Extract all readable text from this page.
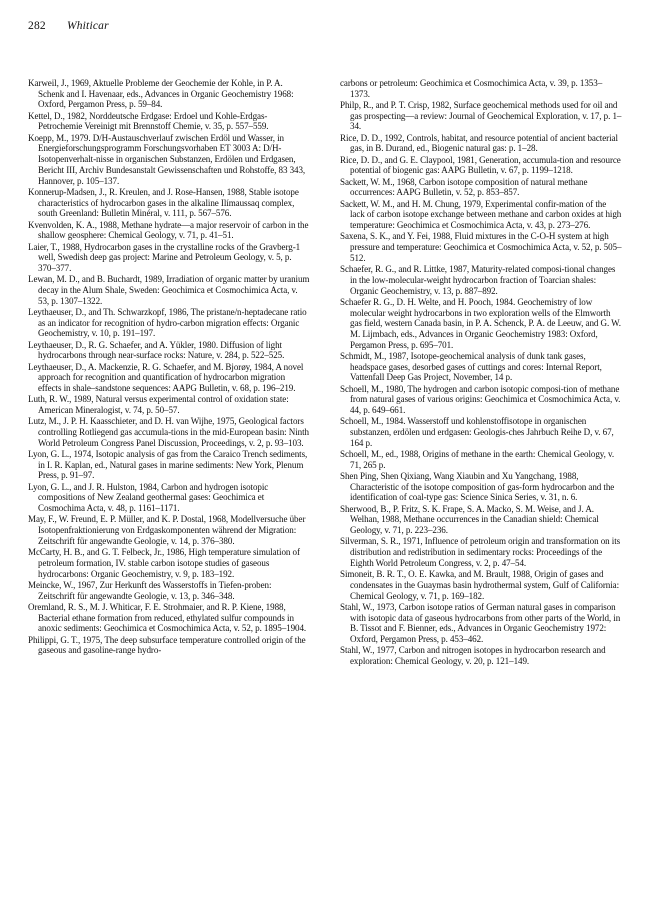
282 Whiticar

Karweil, J., 1969, Aktuelle Probleme der Geochemie der Kohle, in P. A. Schenk and I. Havenaar, eds., Advances in Organic Geochemistry 1968: Oxford, Pergamon Press, p. 59–84.

Kettel, D., 1982, Norddeutsche Erdgase: Erdoel und Kohle-Erdgas-Petrochemie Vereinigt mit Brennstoff Chemie, v. 35, p. 557–559.

Koepp, M., 1979. D/H-Austauschverlauf zwischen Erdöl und Wasser, in Energieforschungsprogramm Forschungsvorhaben ET 3003 A: D/H-Isotopenverhalt-nisse in organischen Substanzen, Erdölen und Erdgasen, Bericht III, Archiv Bundesanstalt Gewissenschaften und Rohstoffe, 83 343, Hannover, p. 105–137.

Konnerup-Madsen, J., R. Kreulen, and J. Rose-Hansen, 1988, Stable isotope characteristics of hydrocarbon gases in the alkaline Ilímaussaq complex, south Greenland: Bulletin Minéral, v. 111, p. 567–576.

Kvenvolden, K. A., 1988, Methane hydrate—a major reservoir of carbon in the shallow geosphere: Chemical Geology, v. 71, p. 41–51.

Laier, T., 1988, Hydrocarbon gases in the crystalline rocks of the Gravberg-1 well, Swedish deep gas project: Marine and Petroleum Geology, v. 5, p. 370–377.

Lewan, M. D., and B. Buchardt, 1989, Irradiation of organic matter by uranium decay in the Alum Shale, Sweden: Geochimica et Cosmochimica Acta, v. 53, p. 1307–1322.

Leythaeuser, D., and Th. Schwarzkopf, 1986, The pristane/n-heptadecane ratio as an indicator for recognition of hydro-carbon migration effects: Organic Geochemistry, v. 10, p. 191–197.

Leythaeuser, D., R. G. Schaefer, and A. Yükler, 1980. Diffusion of light hydrocarbons through near-surface rocks: Nature, v. 284, p. 522–525.

Leythaeuser, D., A. Mackenzie, R. G. Schaefer, and M. Bjorøy, 1984, A novel approach for recognition and quantification of hydrocarbon migration effects in shale–sandstone sequences: AAPG Bulletin, v. 68, p. 196–219.

Luth, R. W., 1989, Natural versus experimental control of oxidation state: American Mineralogist, v. 74, p. 50–57.

Lutz, M., J. P. H. Kaasschieter, and D. H. van Wijhe, 1975, Geological factors controlling Rotliegend gas accumula-tions in the mid-European basin: Ninth World Petroleum Congress Panel Discussion, Proceedings, v. 2, p. 93–103.

Lyon, G. L., 1974, Isotopic analysis of gas from the Caraico Trench sediments, in I. R. Kaplan, ed., Natural gases in marine sediments: New York, Plenum Press, p. 91–97.

Lyon, G. L., and J. R. Hulston, 1984, Carbon and hydrogen isotopic compositions of New Zealand geothermal gases: Geochimica et Cosmochima Acta, v. 48, p. 1161–1171.

May, F., W. Freund, E. P. Müller, and K. P. Dostal, 1968, Modellversuche über Isotopenfraktionierung von Erdgaskomponenten während der Migration: Zeitschrift für angewandte Geologie, v. 14, p. 376–380.

McCarty, H. B., and G. T. Felbeck, Jr., 1986, High temperature simulation of petroleum formation, IV. stable carbon isotope studies of gaseous hydrocarbons: Organic Geochemistry, v. 9, p. 183–192.

Meincke, W., 1967, Zur Herkunft des Wasserstoffs in Tiefen-proben: Zeitschrift für angewandte Geologie, v. 13, p. 346–348.

Oremland, R. S., M. J. Whiticar, F. E. Strohmaier, and R. P. Kiene, 1988, Bacterial ethane formation from reduced, ethylated sulfur compounds in anoxic sediments: Geochimica et Cosmochimica Acta, v. 52, p. 1895–1904.

Philippi, G. T., 1975, The deep subsurface temperature controlled origin of the gaseous and gasoline-range hydro-

carbons or petroleum: Geochimica et Cosmochimica Acta, v. 39, p. 1353–1373.

Philp, R., and P. T. Crisp, 1982, Surface geochemical methods used for oil and gas prospecting—a review: Journal of Geochemical Exploration, v. 17, p. 1–34.

Rice, D. D., 1992, Controls, habitat, and resource potential of ancient bacterial gas, in B. Durand, ed., Biogenic natural gas: p. 1–28.

Rice, D. D., and G. E. Claypool, 1981, Generation, accumula-tion and resource potential of biogenic gas: AAPG Bulletin, v. 67, p. 1199–1218.

Sackett, W. M., 1968, Carbon isotope composition of natural methane occurrences: AAPG Bulletin, v. 52, p. 853–857.

Sackett, W. M., and H. M. Chung, 1979, Experimental confir-mation of the lack of carbon isotope exchange between methane and carbon oxides at high temperature: Geochimica et Cosmochimica Acta, v. 43, p. 273–276.

Saxena, S. K., and Y. Fei, 1988, Fluid mixtures in the C-O-H system at high pressure and temperature: Geochimica et Cosmochimica Acta, v. 52, p. 505–512.

Schaefer, R. G., and R. Littke, 1987, Maturity-related composi-tional changes in the low-molecular-weight hydrocarbon fraction of Toarcian shales: Organic Geochemistry, v. 13, p. 887–892.

Schaefer R. G., D. H. Welte, and H. Pooch, 1984. Geochemistry of low molecular weight hydrocarbons in two exploration wells of the Elmworth gas field, western Canada basin, in P. A. Schenck, P. A. de Leeuw, and G. W. M. Lijmbach, eds., Advances in Organic Geochemistry 1983: Oxford, Pergamon Press, p. 695–701.

Schmidt, M., 1987, Isotope-geochemical analysis of dunk tank gases, headspace gases, desorbed gases of cuttings and cores: Internal Report, Vattenfall Deep Gas Project, November, 14 p.

Schoell, M., 1980, The hydrogen and carbon isotopic composi-tion of methane from natural gases of various origins: Geochimica et Cosmochimica Acta, v. 44, p. 649–661.

Schoell, M., 1984. Wasserstoff und kohlenstoffisotope in organischen substanzen, erdölen und erdgasen: Geologis-ches Jahrbuch Reihe D, v. 67, 164 p.

Schoell, M., ed., 1988, Origins of methane in the earth: Chemical Geology, v. 71, 265 p.

Shen Ping, Shen Qixiang, Wang Xiaubin and Xu Yangchang, 1988, Characteristic of the isotope composition of gas-form hydrocarbon and the identification of coal-type gas: Science Sinica Series, v. 31, n. 6.

Sherwood, B., P. Fritz, S. K. Frape, S. A. Macko, S. M. Weise, and J. A. Welhan, 1988, Methane occurrences in the Canadian shield: Chemical Geology, v. 71, p. 223–236.

Silverman, S. R., 1971, Influence of petroleum origin and transformation on its distribution and redistribution in sedimentary rocks: Proceedings of the Eighth World Petroleum Congress, v. 2, p. 47–54.

Simoneit, B. R. T., O. E. Kawka, and M. Brault, 1988, Origin of gases and condensates in the Guaymas basin hydrothermal system, Gulf of California: Chemical Geology, v. 71, p. 169–182.

Stahl, W., 1973, Carbon isotope ratios of German natural gases in comparison with isotopic data of gaseous hydrocarbons from other parts of the World, in B. Tissot and F. Bienner, eds., Advances in Organic Geochemistry 1972: Oxford, Pergamon Press, p. 453–462.

Stahl, W., 1977, Carbon and nitrogen isotopes in hydrocarbon research and exploration: Chemical Geology, v. 20, p. 121–149.
